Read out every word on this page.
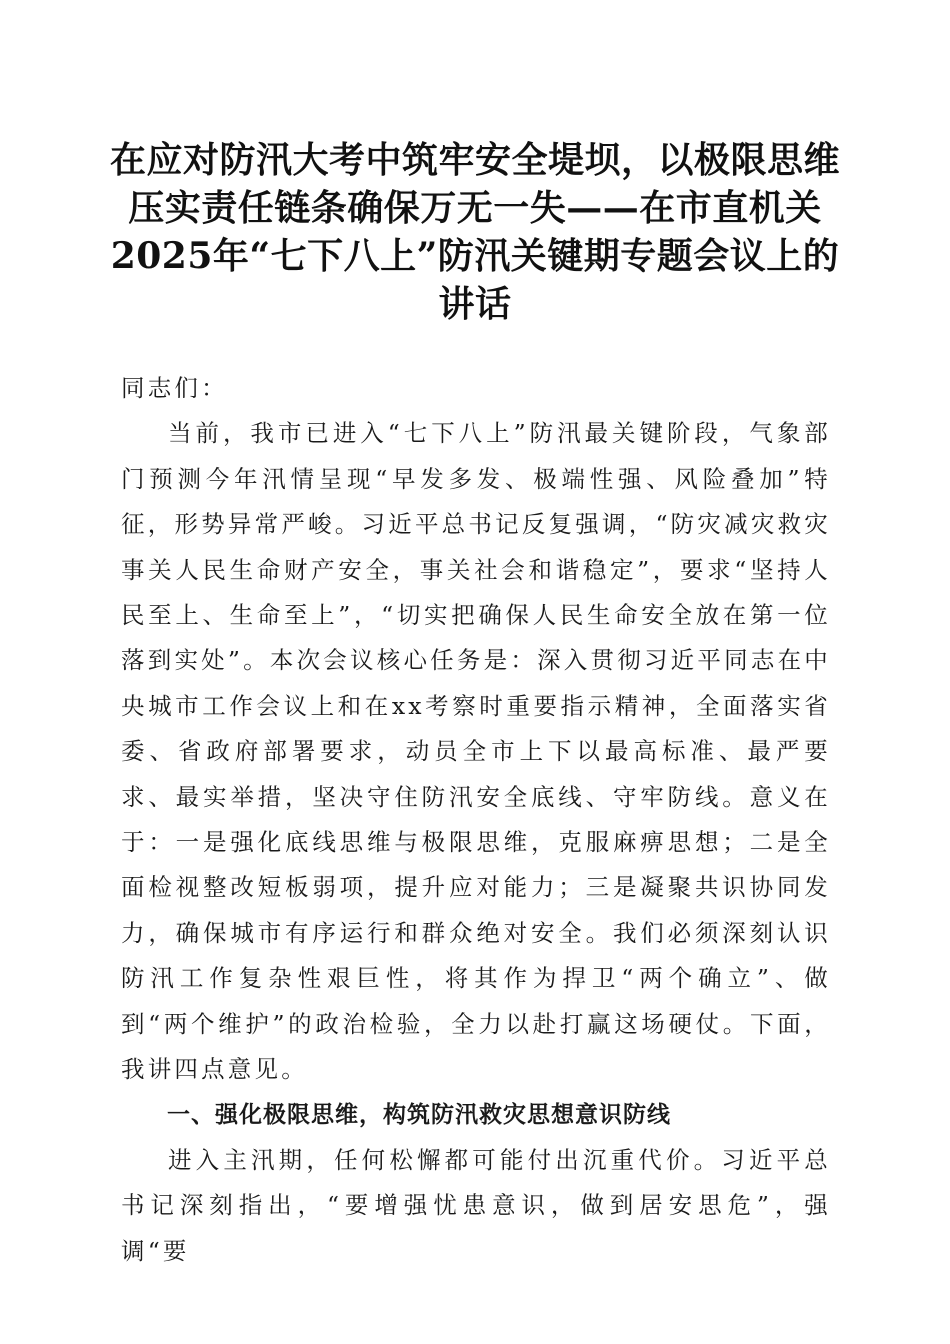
在应对防汛大考中筑牢安全堤坝，以极限思维压实责任链条确保万无一失——在市直机关2025年“七下八上”防汛关键期专题会议上的讲话

同志们：

当前，我市已进入“七下八上”防汛最关键阶段，气象部门预测今年汛情呈现“早发多发、极端性强、风险叠加”特征，形势异常严峻。习近平总书记反复强调，“防灾减灾救灾事关人民生命财产安全，事关社会和谐稳定”，要求“坚持人民至上、生命至上”，“切实把确保人民生命安全放在第一位落到实处”。本次会议核心任务是：深入贯彻习近平同志在中央城市工作会议上和在xx考察时重要指示精神，全面落实省委、省政府部署要求，动员全市上下以最高标准、最严要求、最实举措，坚决守住防汛安全底线、守牢防线。意义在于：一是强化底线思维与极限思维，克服麻痹思想；二是全面检视整改短板弱项，提升应对能力；三是凝聚共识协同发力，确保城市有序运行和群众绝对安全。我们必须深刻认识防汛工作复杂性艰巨性，将其作为捍卫“两个确立”、做到“两个维护”的政治检验，全力以赴打赢这场硬仗。下面，我讲四点意见。

一、强化极限思维，构筑防汛救灾思想意识防线

进入主汛期，任何松懈都可能付出沉重代价。习近平总书记深刻指出，“要增强忧患意识，做到居安思危”，强调“要
